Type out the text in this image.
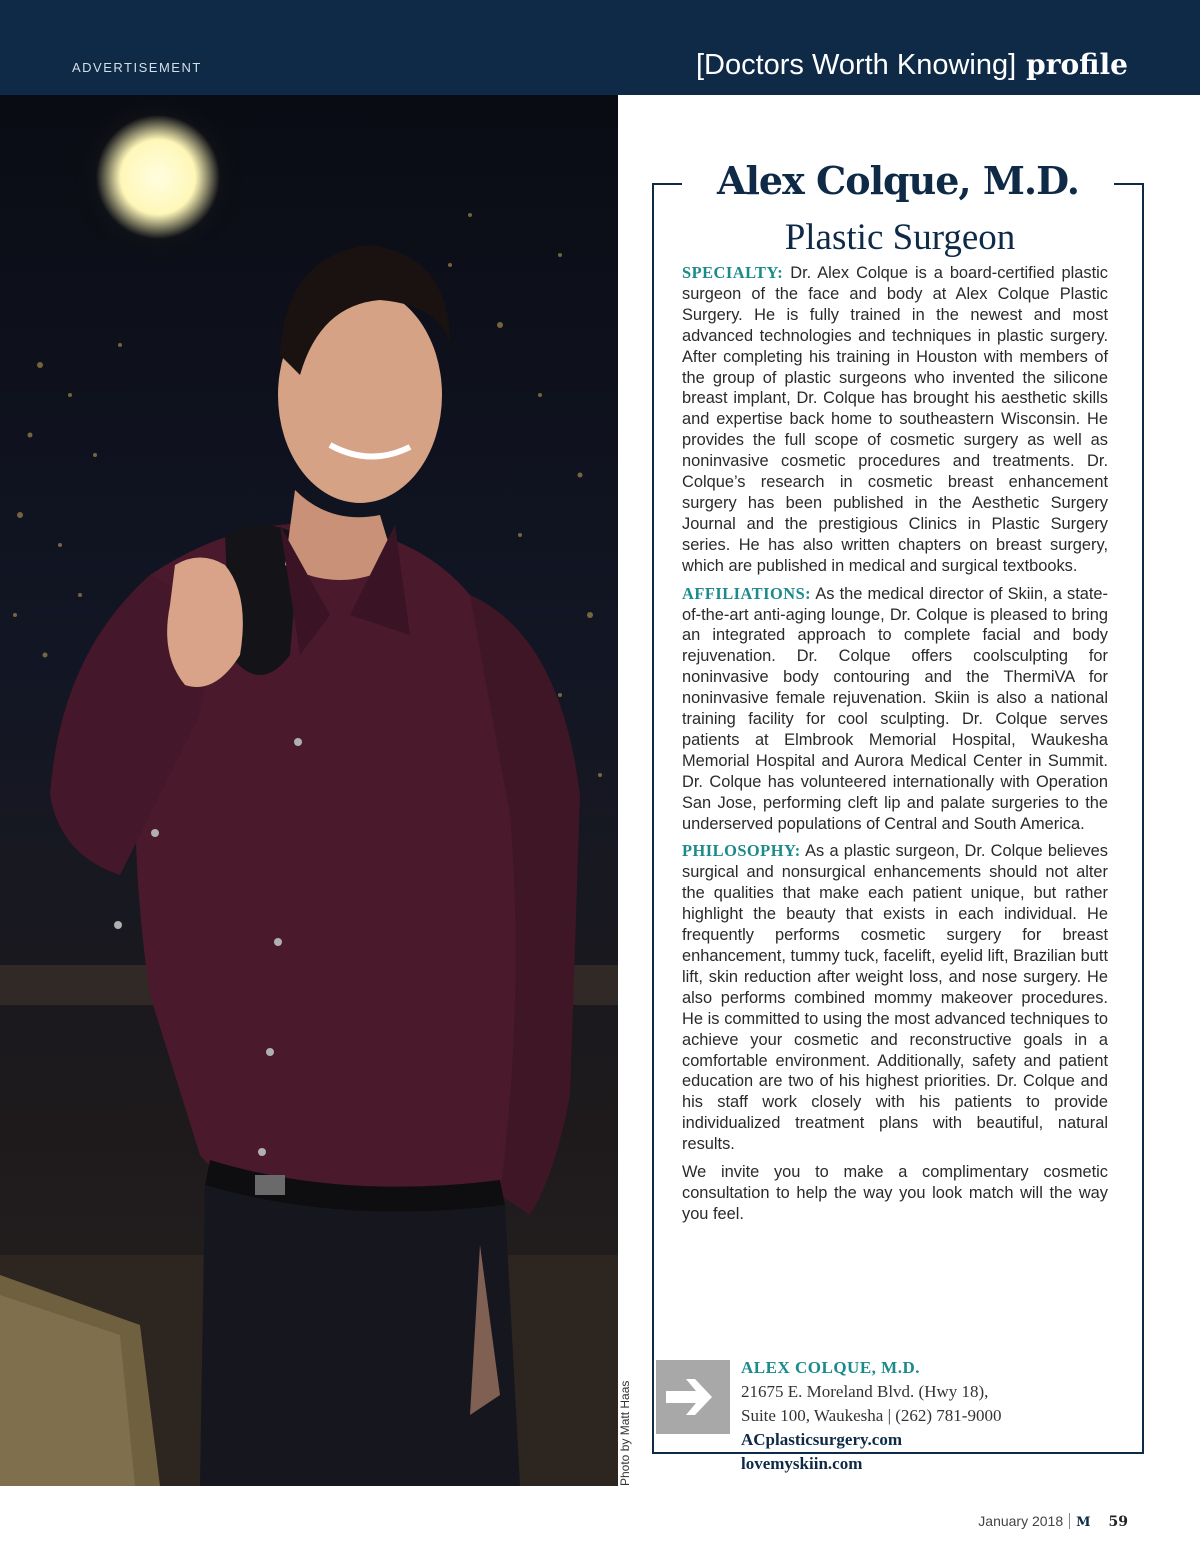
ADVERTISEMENT	[Doctors Worth Knowing] profile
Photo by Matt Haas
Alex Colque, M.D.
Plastic Surgeon

SPECIALTY: Dr. Alex Colque is a board-certified plastic surgeon of the face and body at Alex Colque Plastic Surgery. He is fully trained in the newest and most advanced technologies and techniques in plastic surgery. After completing his training in Houston with members of the group of plastic surgeons who invented the silicone breast implant, Dr. Colque has brought his aesthetic skills and expertise back home to southeastern Wisconsin. He provides the full scope of cosmetic surgery as well as noninvasive cosmetic procedures and treatments. Dr. Colque’s research in cosmetic breast enhancement surgery has been published in the Aesthetic Surgery Journal and the prestigious Clinics in Plastic Surgery series. He has also written chapters on breast surgery, which are published in medical and surgical textbooks.

AFFILIATIONS: As the medical director of Skiin, a state-of-the-art anti-aging lounge, Dr. Colque is pleased to bring an integrated approach to complete facial and body rejuvenation. Dr. Colque offers coolsculpting for noninvasive body contouring and the ThermiVA for noninvasive female rejuvenation. Skiin is also a national training facility for cool sculpting. Dr. Colque serves patients at Elmbrook Memorial Hospital, Waukesha Memorial Hospital and Aurora Medical Center in Summit. Dr. Colque has volunteered internationally with Operation San Jose, performing cleft lip and palate surgeries to the underserved populations of Central and South America.

PHILOSOPHY: As a plastic surgeon, Dr. Colque believes surgical and nonsurgical enhancements should not alter the qualities that make each patient unique, but rather highlight the beauty that exists in each individual. He frequently performs cosmetic surgery for breast enhancement, tummy tuck, facelift, eyelid lift, Brazilian butt lift, skin reduction after weight loss, and nose surgery. He also performs combined mommy makeover procedures. He is committed to using the most advanced techniques to achieve your cosmetic and reconstructive goals in a comfortable environment. Additionally, safety and patient education are two of his highest priorities. Dr. Colque and his staff work closely with his patients to provide individualized treatment plans with beautiful, natural results.

We invite you to make a complimentary cosmetic consultation to help the way you look match will the way you feel.

ALEX COLQUE, M.D.
21675 E. Moreland Blvd. (Hwy 18),
Suite 100, Waukesha | (262) 781-9000
ACplasticsurgery.com
lovemyskiin.com
January 2018 M 59
